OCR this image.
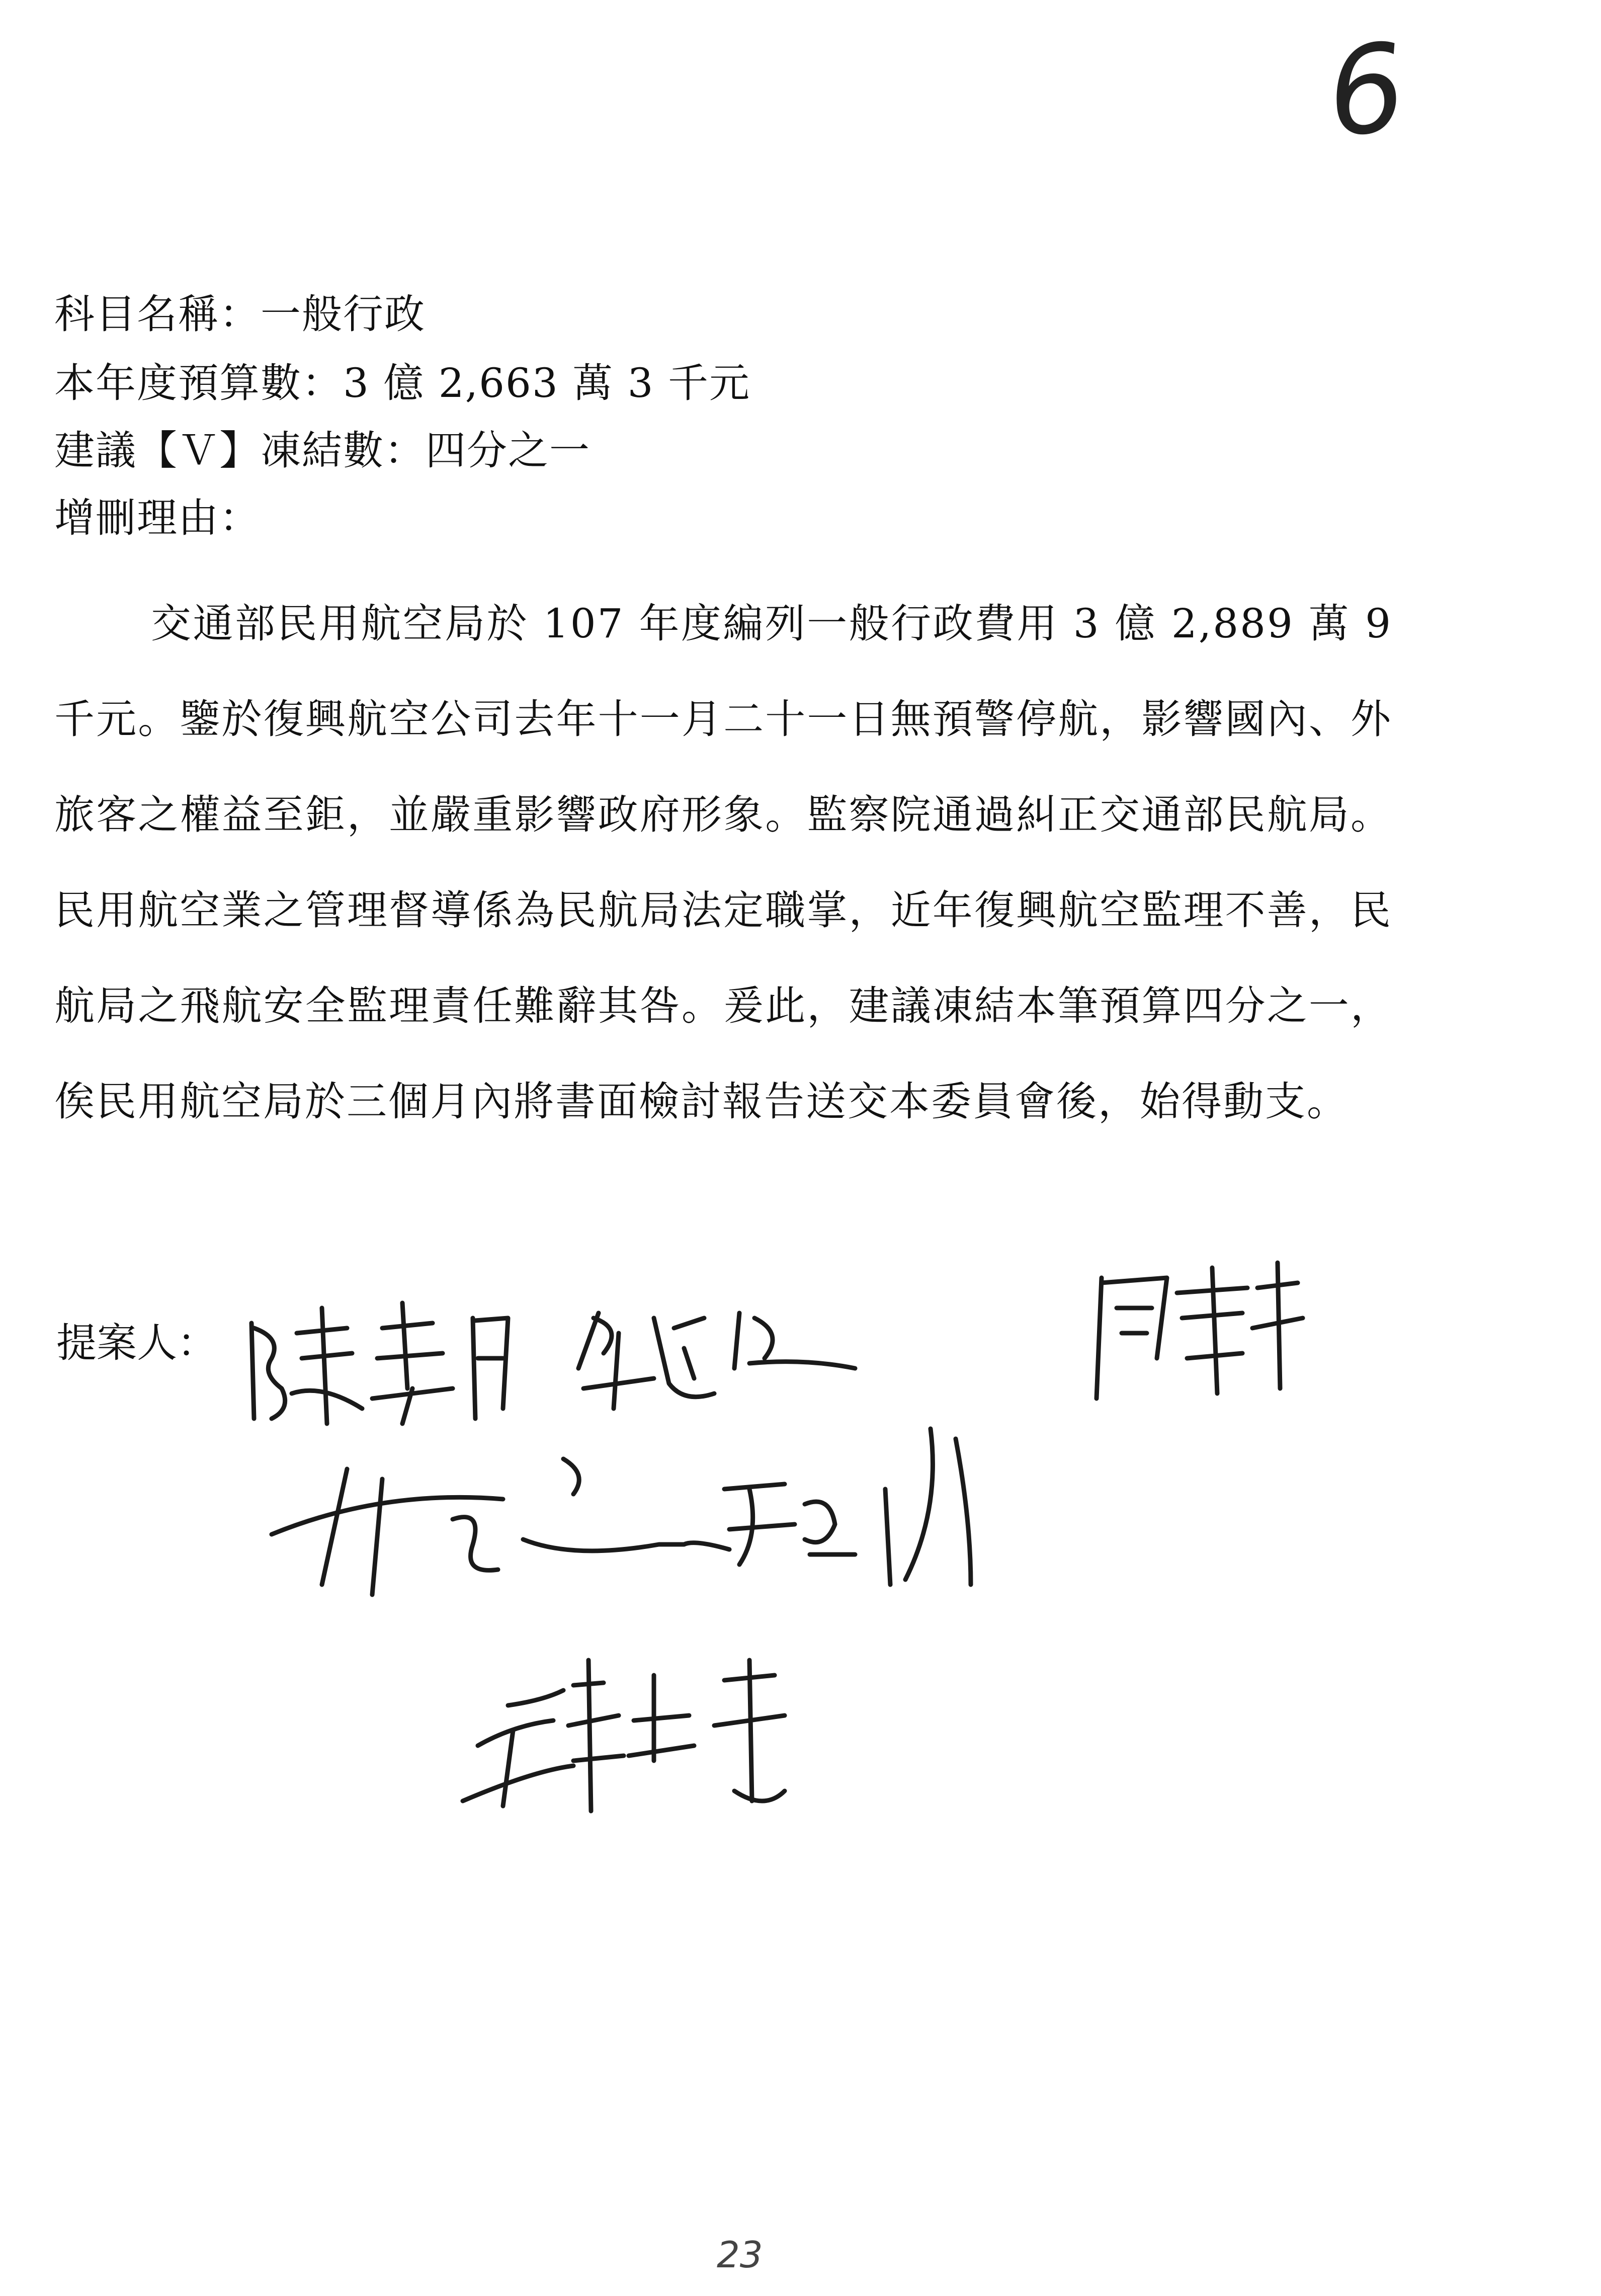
6
科目名稱：一般行政
本年度預算數：3 億 2,663 萬 3 千元
建議【Ｖ】凍結數：四分之一
增刪理由：
交通部民用航空局於 107 年度編列一般行政費用 3 億 2,889 萬 9 千元。鑒於復興航空公司去年十一月二十一日無預警停航，影響國內、外旅客之權益至鉅，並嚴重影響政府形象。監察院通過糾正交通部民航局。民用航空業之管理督導係為民航局法定職掌，近年復興航空監理不善，民航局之飛航安全監理責任難辭其咎。爰此，建議凍結本筆預算四分之一，俟民用航空局於三個月內將書面檢討報告送交本委員會後，始得動支。
提案人：
23
